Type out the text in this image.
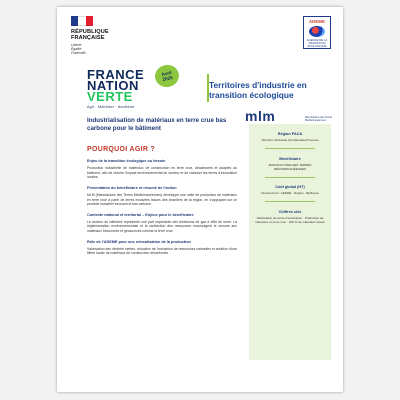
RÉPUBLIQUE
FRANÇAISE
Liberté
Égalité
Fraternité
ADEME
AGENCE DE LA TRANSITION ÉCOLOGIQUE
FRANCE
NATION
VERTE
Agir · Mobiliser · Accélérer
Avril
2025
Territoires d'industrie en transition écologique
Industrialisation de matériaux en terre crue bas carbone pour le bâtiment
POURQUOI AGIR ?
Enjeu de la transition écologique ou besoin
Production industrielle de matériaux de construction en terre crue, décarbonés et adaptés au bâtiment, afin de réduire l'impact environnemental du secteur et de valoriser les terres d'excavation locales.
Présentation du bénéficiaire et résumé de l'action
MLM (Manufacture des Terres Méditerranéennes) développe une unité de production de matériaux en terre crue à partir de terres excavées issues des chantiers de la région, en s'appuyant sur un procédé industriel innovant et bas carbone.
Contexte national et territorial – Enjeux pour le bénéficiaire
Le secteur du bâtiment représente une part importante des émissions de gaz à effet de serre. La réglementation environnementale et la raréfaction des ressources encouragent le recours aux matériaux biosourcés et géosourcés comme la terre crue.
Rôle de l'ADEME pour une relocalisation de la production
Valorisation des déchets inertes, réduction de l'extraction de ressources naturelles et création d'une filière locale de matériaux de construction décarbonés.
mlm	Manufacture des Terres Méditerranéennes
Région PACA
Territoire d'industrie Aix-Marseille-Provence
Bénéficiaire
MANUFACTURE DES TERRES MÉDITERRANÉENNES
Coût global (HT)
Financement : ADEME · Région · Bpifrance
Chiffres clés
Valorisation de terres d'excavation · Production de matériaux en terre crue · 100 % de matériaux locaux
